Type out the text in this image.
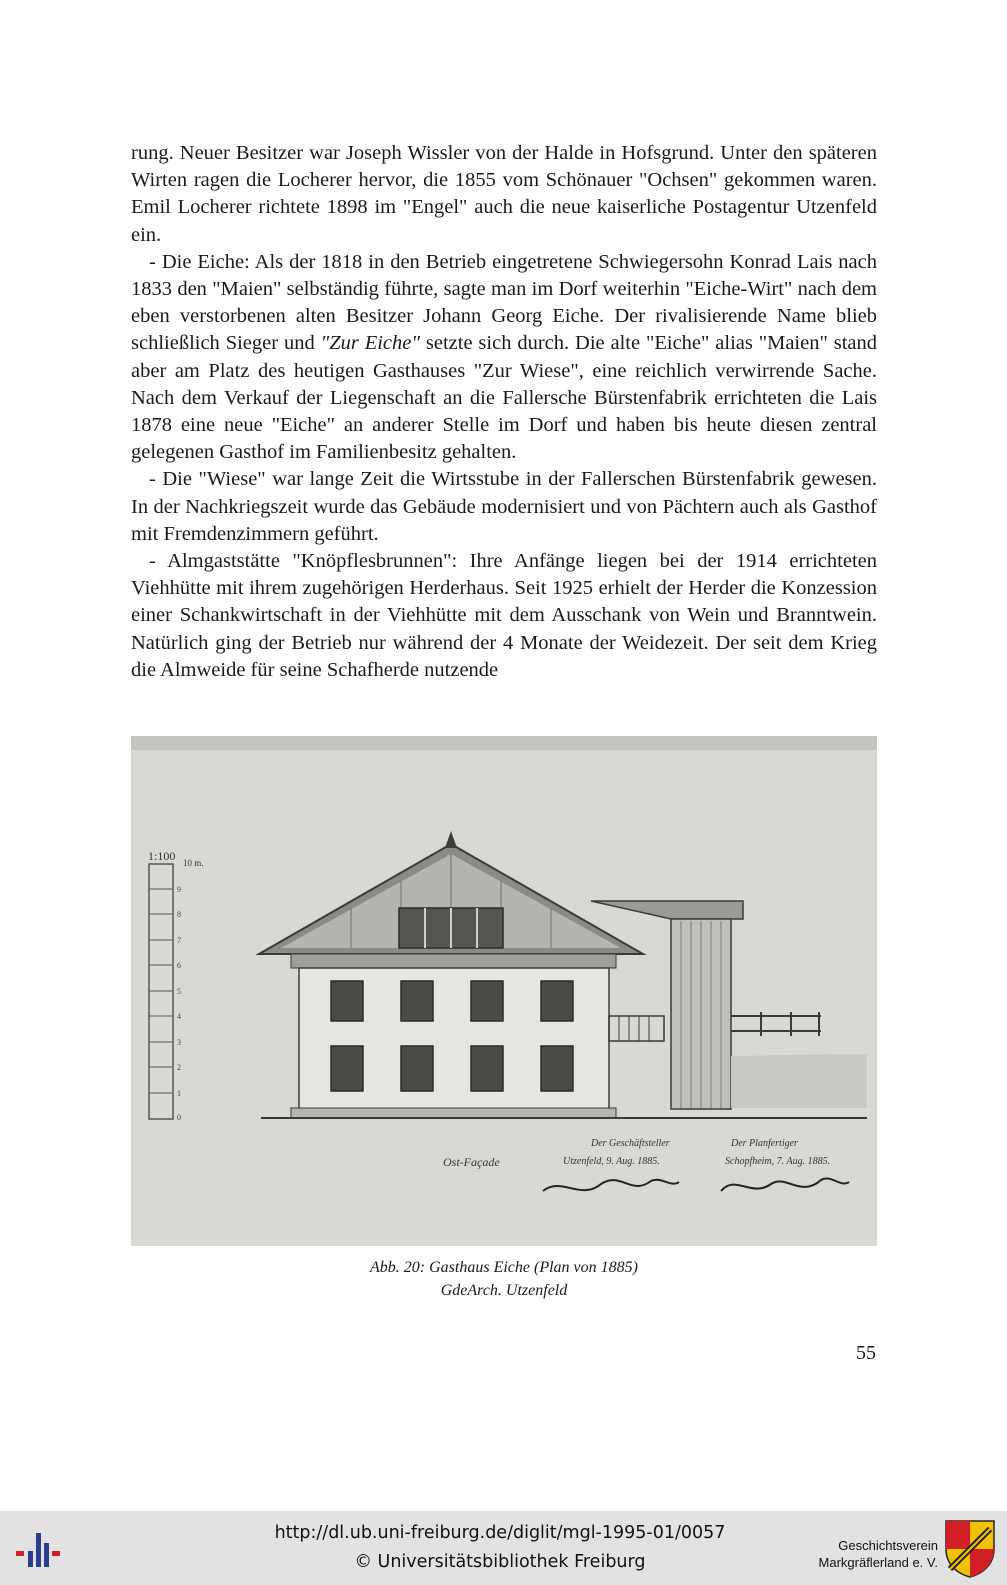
rung. Neuer Besitzer war Joseph Wissler von der Halde in Hofsgrund. Unter den späteren Wirten ragen die Locherer hervor, die 1855 vom Schönauer "Ochsen" gekommen waren. Emil Locherer richtete 1898 im "Engel" auch die neue kaiserliche Postagentur Utzenfeld ein.

- Die Eiche: Als der 1818 in den Betrieb eingetretene Schwiegersohn Konrad Lais nach 1833 den "Maien" selbständig führte, sagte man im Dorf weiterhin "Eiche-Wirt" nach dem eben verstorbenen alten Besitzer Johann Georg Eiche. Der rivalisierende Name blieb schließlich Sieger und "Zur Eiche" setzte sich durch. Die alte "Eiche" alias "Maien" stand aber am Platz des heutigen Gasthauses "Zur Wiese", eine reichlich verwirrende Sache. Nach dem Verkauf der Liegenschaft an die Fallersche Bürstenfabrik errichteten die Lais 1878 eine neue "Eiche" an anderer Stelle im Dorf und haben bis heute diesen zentral gelegenen Gasthof im Familienbesitz gehalten.

- Die "Wiese" war lange Zeit die Wirtsstube in der Fallerschen Bürstenfabrik gewesen. In der Nachkriegszeit wurde das Gebäude modernisiert und von Pächtern auch als Gasthof mit Fremdenzimmern geführt.

- Almgaststätte "Knöpflesbrunnen": Ihre Anfänge liegen bei der 1914 errichteten Viehhütte mit ihrem zugehörigen Herderhaus. Seit 1925 erhielt der Herder die Konzession einer Schankwirtschaft in der Viehhütte mit dem Ausschank von Wein und Branntwein. Natürlich ging der Betrieb nur während der 4 Monate der Weidezeit. Der seit dem Krieg die Almweide für seine Schafherde nutzende

1:100 10 m.
9
8
7
6
5
4
3
2
1
0
Ost-Façade
Der Geschäftsteller
Utzenfeld, 9. Aug. 1885.
Der Planfertiger
Schopfheim, 7. Aug. 1885.
Abb. 20: Gasthaus Eiche (Plan von 1885)
GdeArch. Utzenfeld
55
http://dl.ub.uni-freiburg.de/diglit/mgl-1995-01/0057
© Universitätsbibliothek Freiburg
Geschichtsverein
Markgräflerland e. V.
